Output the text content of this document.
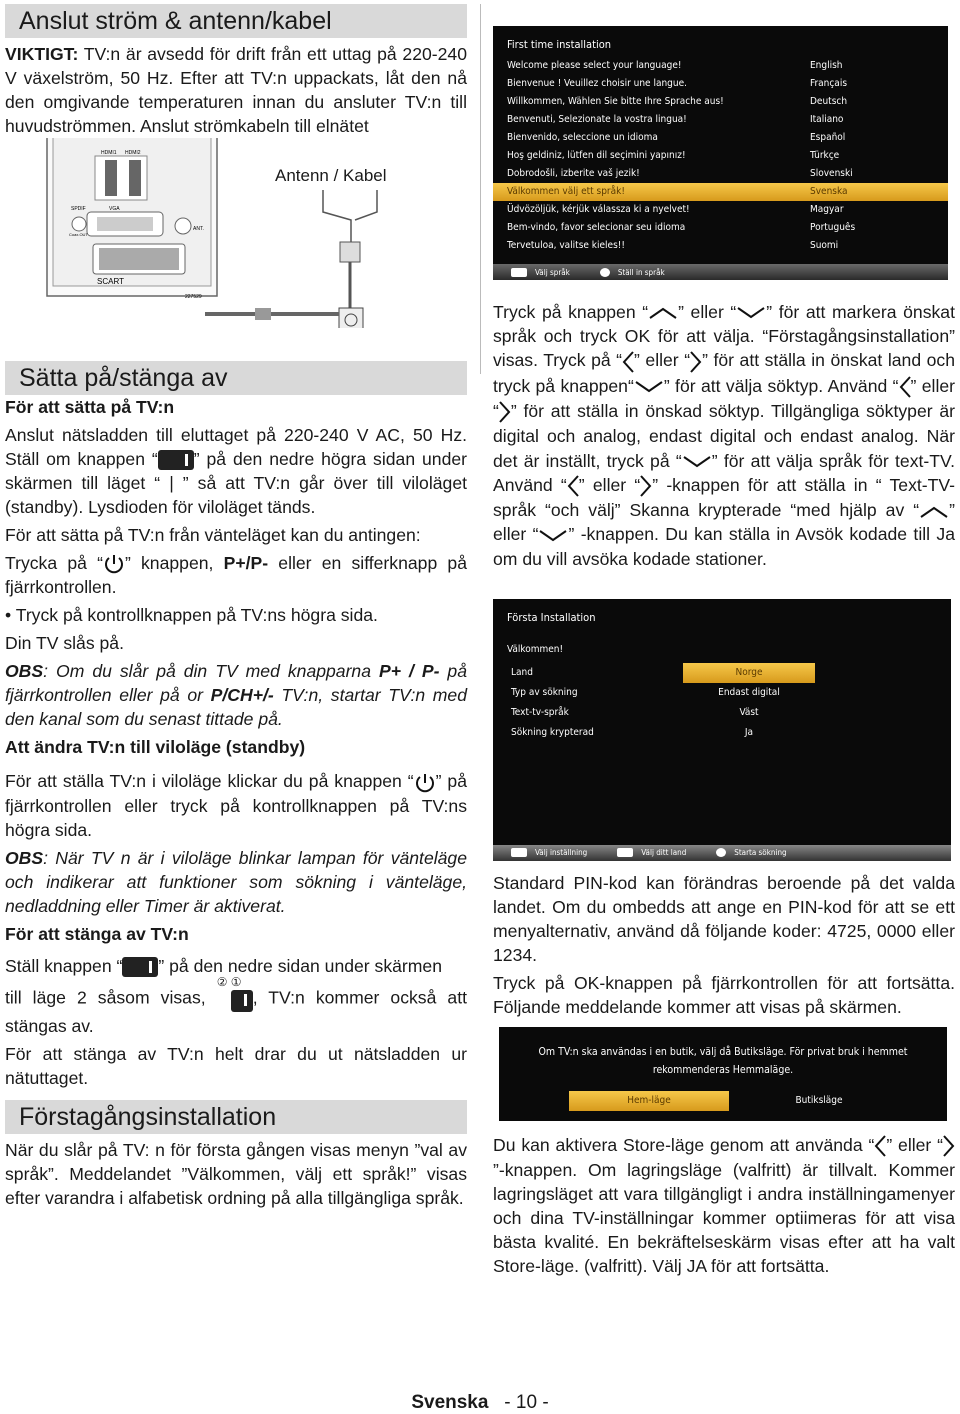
Anslut ström & antenn/kabel

VIKTIGT: TV:n är avsedd för drift från ett uttag på 220-240 V växelström, 50 Hz. Efter att TV:n uppackats, låt den nå den omgivande temperaturen innan du ansluter TV:n till huvudströmmen. Anslut strömkabeln till elnätet

Antenn / Kabel
SCART
227529
HDMI1 HDMI2
SPDIF
Coax.OUT
VGA
ANT.
Sätta på/stänga av

För att sätta på TV:n

Anslut nätsladden till eluttaget på 220-240 V AC, 50 Hz. Ställ om knappen “ ” på den nedre högra sidan under skärmen till läget “ | ” så att TV:n går över till viloläget (standby). Lysdioden för viloläget tänds.

För att sätta på TV:n från vänteläget kan du antingen:

Trycka på “ ” knappen, P+/P- eller en sifferknapp på fjärrkontrollen.

• Tryck på kontrollknappen på TV:ns högra sida.

Din TV slås på.

OBS: Om du slår på din TV med knapparna P+ / P- på fjärrkontrollen eller på or P/CH+/- TV:n, startar TV:n med den kanal som du senast tittade på.

Att ändra TV:n till viloläge (standby)

För att ställa TV:n i viloläge klickar du på knappen “ ” på fjärrkontrollen eller tryck på kontrollknappen på TV:ns högra sida.

OBS: När TV n är i viloläge blinkar lampan för vänteläge och indikerar att funktioner som sökning i vänteläge, nedladdning eller Timer är aktiverat.

För att stänga av TV:n

Ställ knappen “ ” på den nedre sidan under skärmen

till läge 2 såsom visas,
② ①
, TV:n kommer också att stängas av.

För att stänga av TV:n helt drar du ut nätsladden ur nätuttaget.

Förstagångsinstallation

När du slår på TV: n för första gången visas menyn ”val av språk”. Meddelandet ”Välkommen, välj ett språk!” visas efter varandra i alfabetisk ordning på alla tillgängliga språk.

First time installation
Welcome please select your language!	English
Bienvenue ! Veuillez choisir une langue.	Français
Willkommen, Wählen Sie bitte Ihre Sprache aus!	Deutsch
Benvenuti, Selezionate la vostra lingua!	Italiano
Bienvenido, seleccione un idioma	Español
Hoş geldiniz, lütfen dil seçimini yapınız!	Türkçe
Dobrodošli, izberite vaš jezik!	Slovenski
Välkommen välj ett språk!	Svenska
Üdvözöljük, kérjük válassza ki a nyelvet!	Magyar
Bem-vindo, favor selecionar seu idioma	Português
Tervetuloa, valitse kieles!!	Suomi
Välj språk	Ställ in språk

Tryck på knappen “ ” eller “ ” för att markera önskat språk och tryck OK för att välja. “Förstagångsinstallation” visas. Tryck på “ ” eller “ ” för att ställa in önskat land och tryck på knappen“ ” för att välja söktyp. Använd “ ” eller “ ” för att ställa in önskad söktyp. Tillgängliga söktyper är digital och analog, endast digital och endast analog. När det är inställt, tryck på “ ” för att välja språk för text-TV. Använd “ ” eller “ ” -knappen för att ställa in “ Text-TV-språk “och välj” Skanna krypterade “med hjälp av “ ” eller “ ” -knappen. Du kan ställa in Avsök kodade till Ja om du vill avsöka kodade stationer.

Första Installation
Välkommen!
Land	Norge
Typ av sökning	Endast digital
Text-tv-språk	Väst
Sökning krypterad	Ja
Välj inställning	Välj ditt land	Starta sökning

Standard PIN-kod kan förändras beroende på det valda landet. Om du ombedds att ange en PIN-kod för att se ett menyalternativ, använd då följande koder: 4725, 0000 eller 1234.

Tryck på OK-knappen på fjärrkontrollen för att fortsätta. Följande meddelande kommer att visas på skärmen.

Om TV:n ska användas i en butik, välj då Butiksläge. För privat bruk i hemmet rekommenderas Hemmaläge.
Hem-läge	Butiksläge

Du kan aktivera Store-läge genom att använda “ ” eller “”-knappen. Om lagringsläge (valfritt) är tillvalt. Kommer lagringsläget att vara tillgängligt i andra inställningamenyer och dina TV-inställningar kommer optiimeras för att visa bästa kvalité. En bekräftelseskärm visas efter att ha valt Store-läge. (valfritt). Välj JA för att fortsätta.

Svenska - 10 -
